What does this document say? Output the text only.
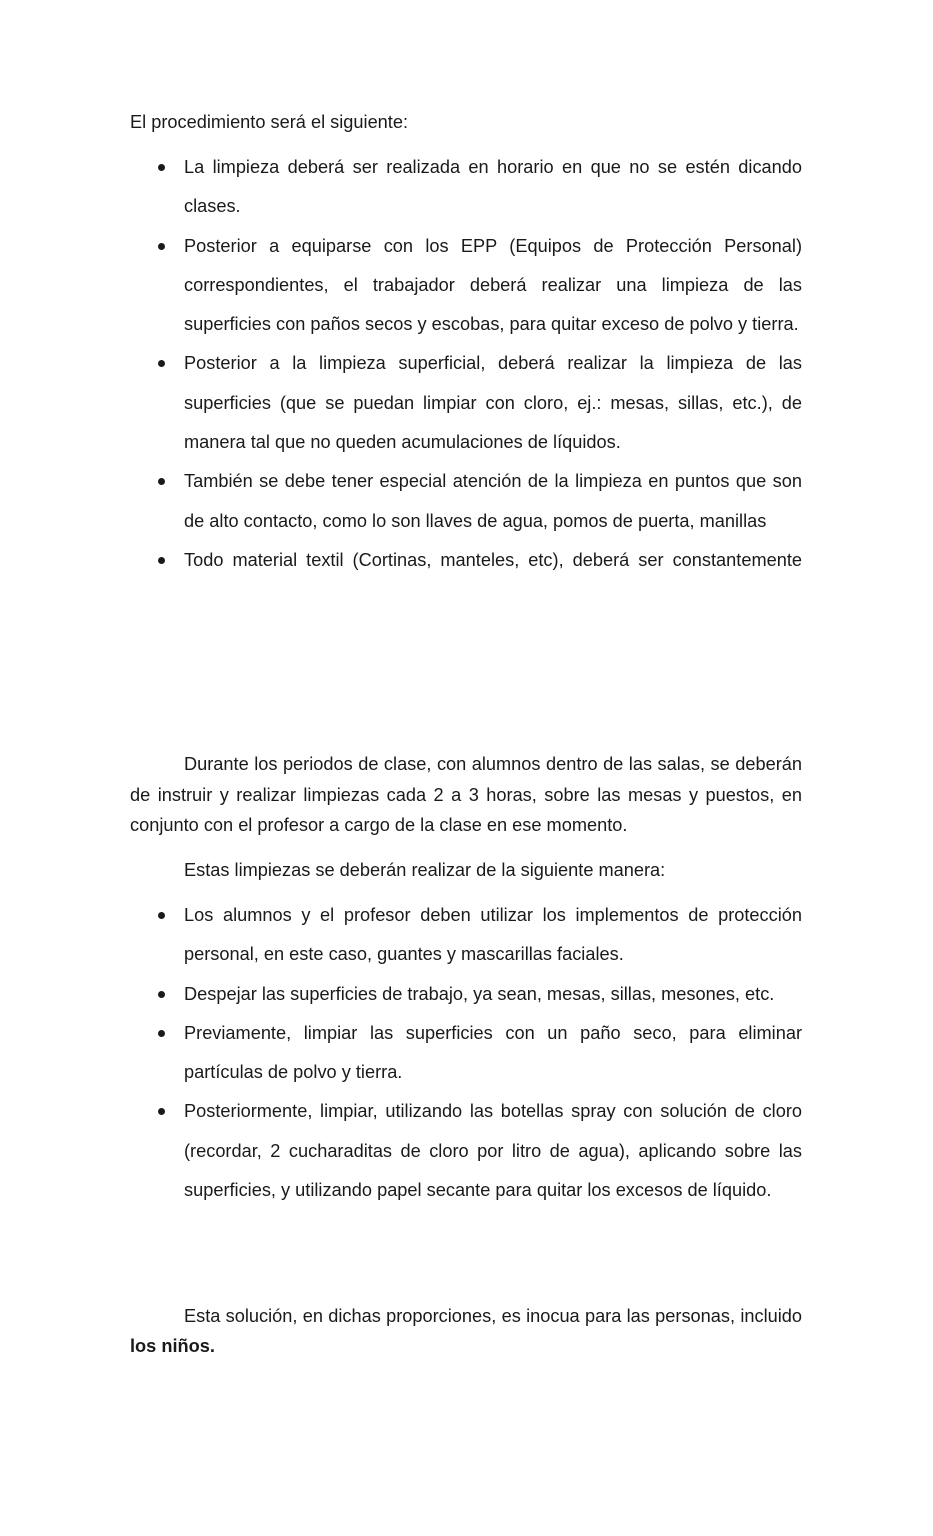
El procedimiento será el siguiente:

La limpieza deberá ser realizada en horario en que no se estén dicando clases.
Posterior a equiparse con los EPP (Equipos de Protección Personal) correspondientes, el trabajador deberá realizar una limpieza de las superficies con paños secos y escobas, para quitar exceso de polvo y tierra.
Posterior a la limpieza superficial, deberá realizar la limpieza de las superficies (que se puedan limpiar con cloro, ej.: mesas, sillas, etc.), de manera tal que no queden acumulaciones de líquidos.
También se debe tener especial atención de la limpieza en puntos que son de alto contacto, como lo son llaves de agua, pomos de puerta, manillas
Todo material textil (Cortinas, manteles, etc), deberá ser constantemente

Durante los periodos de clase, con alumnos dentro de las salas, se deberán de instruir y realizar limpiezas cada 2 a 3 horas, sobre las mesas y puestos, en conjunto con el profesor a cargo de la clase en ese momento.

Estas limpiezas se deberán realizar de la siguiente manera:

Los alumnos y el profesor deben utilizar los implementos de protección personal, en este caso, guantes y mascarillas faciales.
Despejar las superficies de trabajo, ya sean, mesas, sillas, mesones, etc.
Previamente, limpiar las superficies con un paño seco, para eliminar partículas de polvo y tierra.
Posteriormente, limpiar, utilizando las botellas spray con solución de cloro (recordar, 2 cucharaditas de cloro por litro de agua), aplicando sobre las superficies, y utilizando papel secante para quitar los excesos de líquido.

Esta solución, en dichas proporciones, es inocua para las personas, incluido los niños.
